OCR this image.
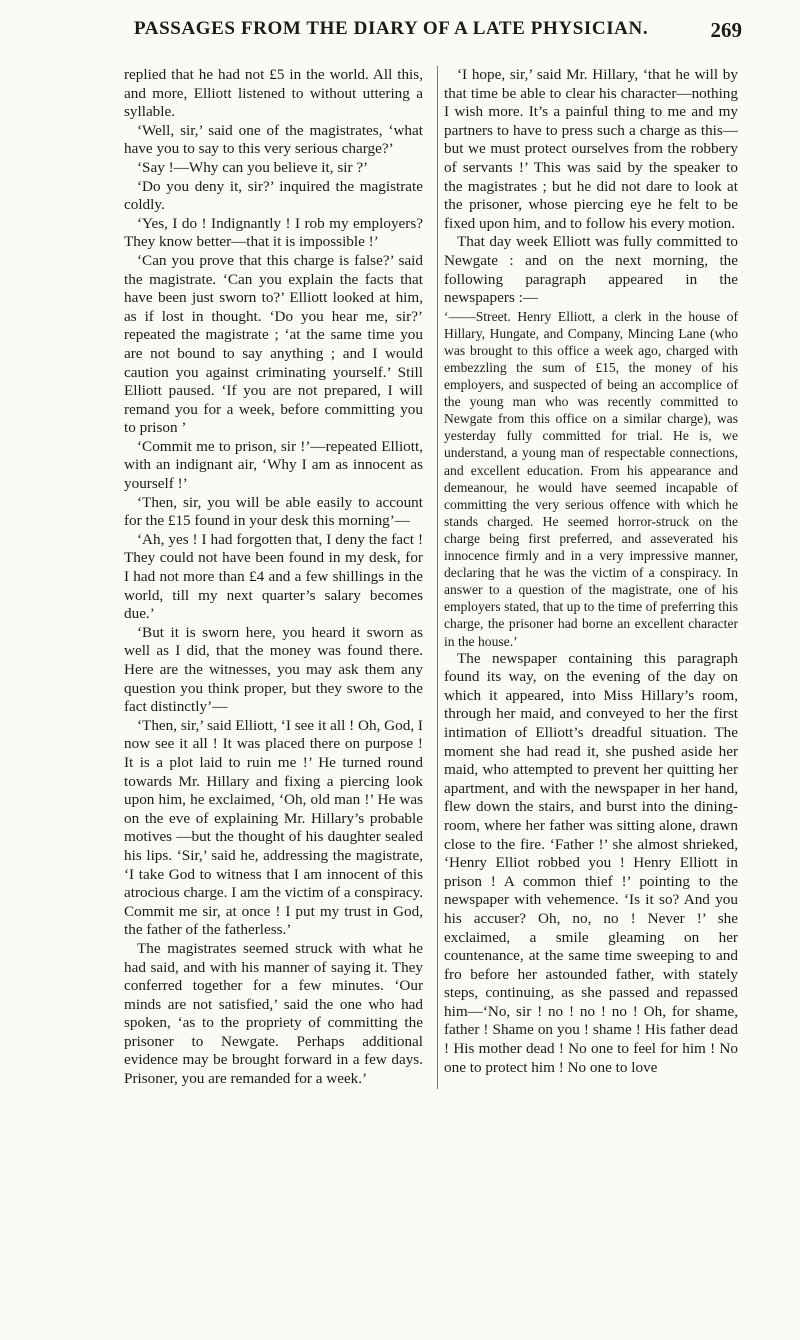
PASSAGES FROM THE DIARY OF A LATE PHYSICIAN.	269

replied that he had not £5 in the world. All this, and more, Elliott listened to without uttering a syllable.

‘Well, sir,’ said one of the magistrates, ‘what have you to say to this very serious charge?’

‘Say !—Why can you believe it, sir ?’

‘Do you deny it, sir?’ inquired the magistrate coldly.

‘Yes, I do ! Indignantly ! I rob my employers? They know better—that it is impossible !’

‘Can you prove that this charge is false?’ said the magistrate. ‘Can you explain the facts that have been just sworn to?’ Elliott looked at him, as if lost in thought. ‘Do you hear me, sir?’ repeated the magistrate ; ‘at the same time you are not bound to say anything ; and I would caution you against criminating yourself.’ Still Elliott paused. ‘If you are not prepared, I will remand you for a week, before committing you to prison ’

‘Commit me to prison, sir !’—repeated Elliott, with an indignant air, ‘Why I am as innocent as yourself !’

‘Then, sir, you will be able easily to account for the £15 found in your desk this morning’—

‘Ah, yes ! I had forgotten that, I deny the fact ! They could not have been found in my desk, for I had not more than £4 and a few shillings in the world, till my next quarter’s salary becomes due.’

‘But it is sworn here, you heard it sworn as well as I did, that the money was found there. Here are the witnesses, you may ask them any question you think proper, but they swore to the fact distinctly’—

‘Then, sir,’ said Elliott, ‘I see it all ! Oh, God, I now see it all ! It was placed there on purpose ! It is a plot laid to ruin me !’ He turned round towards Mr. Hillary and fixing a piercing look upon him, he exclaimed, ‘Oh, old man !’ He was on the eve of explaining Mr. Hillary’s probable motives —but the thought of his daughter sealed his lips. ‘Sir,’ said he, addressing the magistrate, ‘I take God to witness that I am innocent of this atrocious charge. I am the victim of a conspiracy. Commit me sir, at once ! I put my trust in God, the father of the fatherless.’

The magistrates seemed struck with what he had said, and with his manner of saying it. They conferred together for a few minutes. ‘Our minds are not satisfied,’ said the one who had spoken, ‘as to the propriety of committing the prisoner to Newgate. Perhaps additional evidence may be brought forward in a few days. Prisoner, you are remanded for a week.’

‘I hope, sir,’ said Mr. Hillary, ‘that he will by that time be able to clear his character—nothing I wish more. It’s a painful thing to me and my partners to have to press such a charge as this—but we must protect ourselves from the robbery of servants !’ This was said by the speaker to the magistrates ; but he did not dare to look at the prisoner, whose piercing eye he felt to be fixed upon him, and to follow his every motion.

That day week Elliott was fully committed to Newgate : and on the next morning, the following paragraph appeared in the newspapers :—

‘——Street. Henry Elliott, a clerk in the house of Hillary, Hungate, and Company, Mincing Lane (who was brought to this office a week ago, charged with embezzling the sum of £15, the money of his employers, and suspected of being an accomplice of the young man who was recently committed to Newgate from this office on a similar charge), was yesterday fully committed for trial. He is, we understand, a young man of respectable connections, and excellent education. From his appearance and demeanour, he would have seemed incapable of committing the very serious offence with which he stands charged. He seemed horror-struck on the charge being first preferred, and asseverated his innocence firmly and in a very impressive manner, declaring that he was the victim of a conspiracy. In answer to a question of the magistrate, one of his employers stated, that up to the time of preferring this charge, the prisoner had borne an excellent character in the house.’

The newspaper containing this paragraph found its way, on the evening of the day on which it appeared, into Miss Hillary’s room, through her maid, and conveyed to her the first intimation of Elliott’s dreadful situation. The moment she had read it, she pushed aside her maid, who attempted to prevent her quitting her apartment, and with the newspaper in her hand, flew down the stairs, and burst into the dining-room, where her father was sitting alone, drawn close to the fire. ‘Father !’ she almost shrieked, ‘Henry Elliot robbed you ! Henry Elliott in prison ! A common thief !’ pointing to the newspaper with vehemence. ‘Is it so? And you his accuser? Oh, no, no ! Never !’ she exclaimed, a smile gleaming on her countenance, at the same time sweeping to and fro before her astounded father, with stately steps, continuing, as she passed and repassed him—‘No, sir ! no ! no ! no ! Oh, for shame, father ! Shame on you ! shame ! His father dead ! His mother dead ! No one to feel for him ! No one to protect him ! No one to love
